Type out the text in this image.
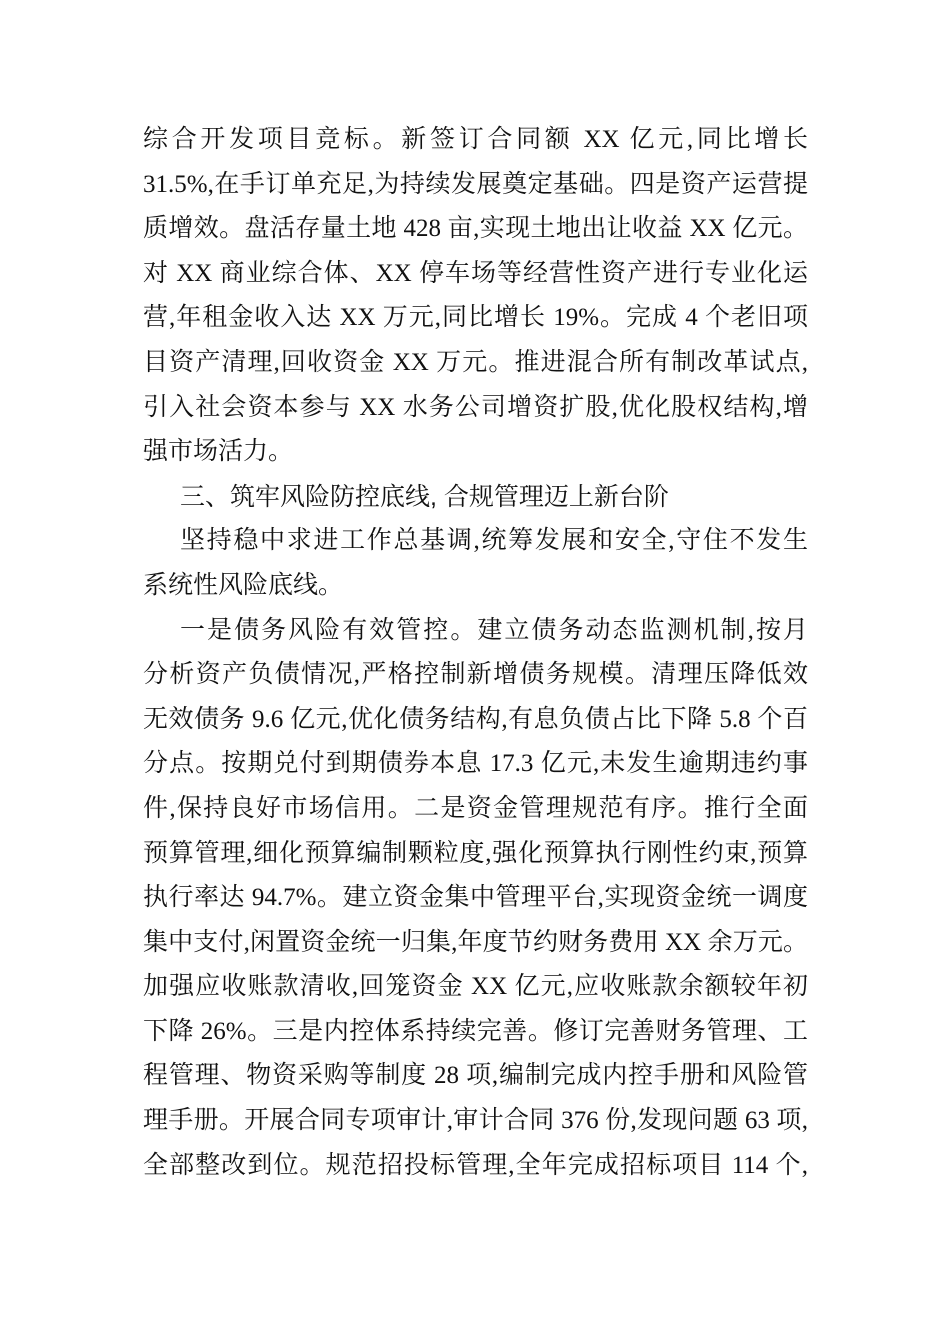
综合开发项目竞标。新签订合同额 XX 亿元,同比增长
31.5%,在手订单充足,为持续发展奠定基础。四是资产运营提
质增效。盘活存量土地 428 亩,实现土地出让收益 XX 亿元。
对 XX 商业综合体、XX 停车场等经营性资产进行专业化运
营,年租金收入达 XX 万元,同比增长 19%。完成 4 个老旧项
目资产清理,回收资金 XX 万元。推进混合所有制改革试点,
引入社会资本参与 XX 水务公司增资扩股,优化股权结构,增
强市场活力。
三、筑牢风险防控底线, 合规管理迈上新台阶
坚持稳中求进工作总基调,统筹发展和安全,守住不发生
系统性风险底线。
一是债务风险有效管控。建立债务动态监测机制,按月
分析资产负债情况,严格控制新增债务规模。清理压降低效
无效债务 9.6 亿元,优化债务结构,有息负债占比下降 5.8 个百
分点。按期兑付到期债券本息 17.3 亿元,未发生逾期违约事
件,保持良好市场信用。二是资金管理规范有序。推行全面
预算管理,细化预算编制颗粒度,强化预算执行刚性约束,预算
执行率达 94.7%。建立资金集中管理平台,实现资金统一调度
集中支付,闲置资金统一归集,年度节约财务费用 XX 余万元。
加强应收账款清收,回笼资金 XX 亿元,应收账款余额较年初
下降 26%。三是内控体系持续完善。修订完善财务管理、工
程管理、物资采购等制度 28 项,编制完成内控手册和风险管
理手册。开展合同专项审计,审计合同 376 份,发现问题 63 项,
全部整改到位。规范招投标管理,全年完成招标项目 114 个,
